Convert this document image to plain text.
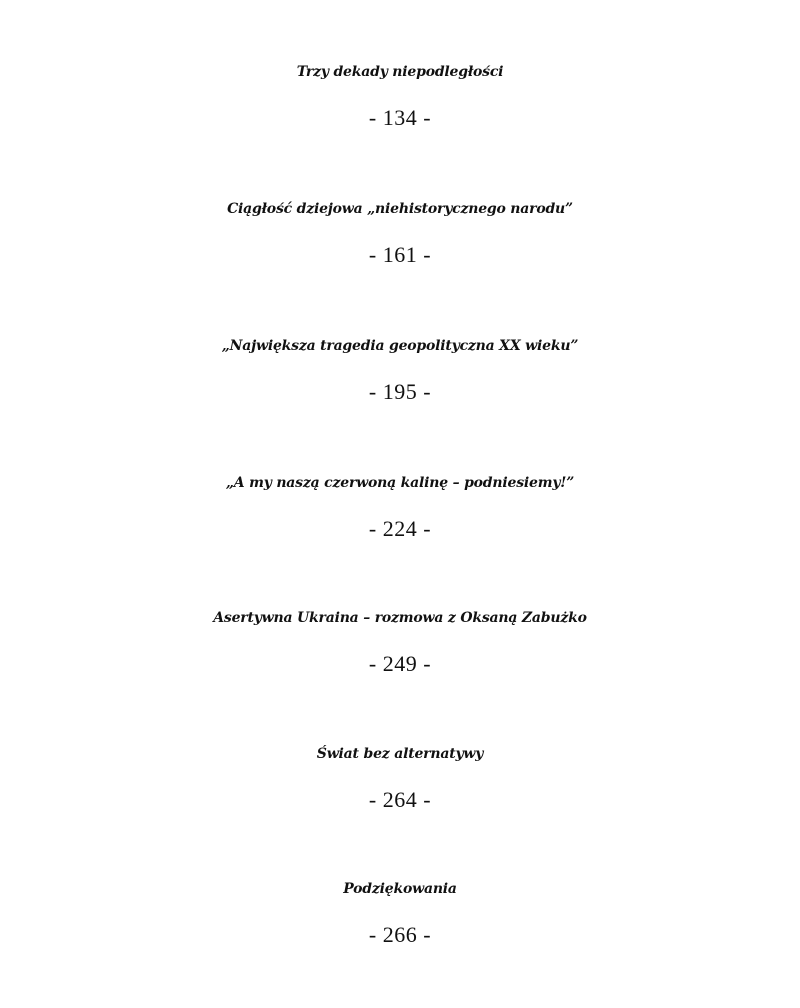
Trzy dekady niepodległości
- 134 -
Ciągłość dziejowa „niehistorycznego narodu”
- 161 -
„Największa tragedia geopolityczna XX wieku”
- 195 -
„A my naszą czerwoną kalinę – podniesiemy!”
- 224 -
Asertywna Ukraina – rozmowa z Oksaną Zabużko
- 249 -
Świat bez alternatywy
- 264 -
Podziękowania
- 266 -
